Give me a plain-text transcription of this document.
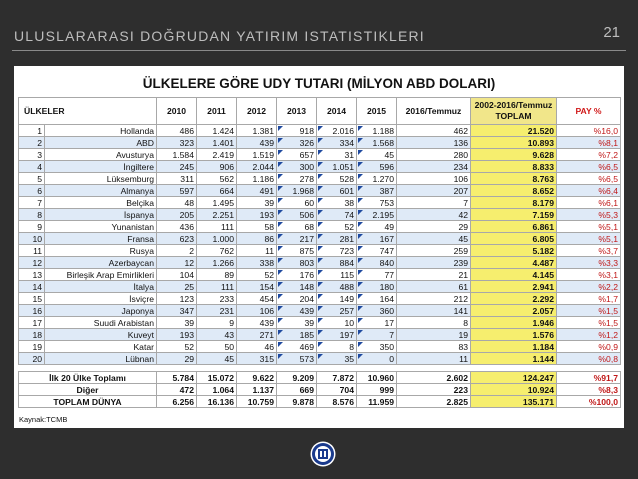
ULUSLARARASI DOĞRUDAN YATIRIM ISTATISTIKLERI	21
ÜLKELERE GÖRE UDY TUTARI (MİLYON ABD DOLARI)
ÜLKELER		2010	2011	2012	2013	2014	2015	2016/Temmuz	2002-2016/Temmuz TOPLAM	PAY %
1	Hollanda	486	1.424	1.381	918	2.016	1.188	462	21.520	%16,0
2	ABD	323	1.401	439	326	334	1.568	136	10.893	%8,1
3	Avusturya	1.584	2.419	1.519	657	31	45	280	9.628	%7,2
4	İngiltere	245	906	2.044	300	1.051	596	234	8.833	%6,5
5	Lüksemburg	311	562	1.186	278	528	1.270	106	8.763	%6,5
6	Almanya	597	664	491	1.968	601	387	207	8.652	%6,4
7	Belçika	48	1.495	39	60	38	753	7	8.179	%6,1
8	İspanya	205	2.251	193	506	74	2.195	42	7.159	%5,3
9	Yunanistan	436	111	58	68	52	49	29	6.861	%5,1
10	Fransa	623	1.000	86	217	281	167	45	6.805	%5,1
11	Rusya	2	762	11	875	723	747	259	5.182	%3,7
12	Azerbaycan	12	1.266	338	803	884	840	239	4.487	%3,3
13	Birleşik Arap Emirlikleri	104	89	52	176	115	77	21	4.145	%3,1
14	İtalya	25	111	154	148	488	180	61	2.941	%2,2
15	İsviçre	123	233	454	204	149	164	212	2.292	%1,7
16	Japonya	347	231	106	439	257	360	141	2.057	%1,5
17	Suudi Arabistan	39	9	439	39	10	17	8	1.946	%1,5
18	Kuveyt	193	43	271	185	197	7	19	1.576	%1,2
19	Katar	52	50	46	469	8	350	83	1.184	%0,9
20	Lübnan	29	45	315	573	35	0	11	1.144	%0,8

İlk 20 Ülke Toplamı		5.784	15.072	9.622	9.209	7.872	10.960	2.602	124.247	%91,7
Diğer		472	1.064	1.137	669	704	999	223	10.924	%8,3
TOPLAM DÜNYA		6.256	16.136	10.759	9.878	8.576	11.959	2.825	135.171	%100,0
Kaynak:TCMB
